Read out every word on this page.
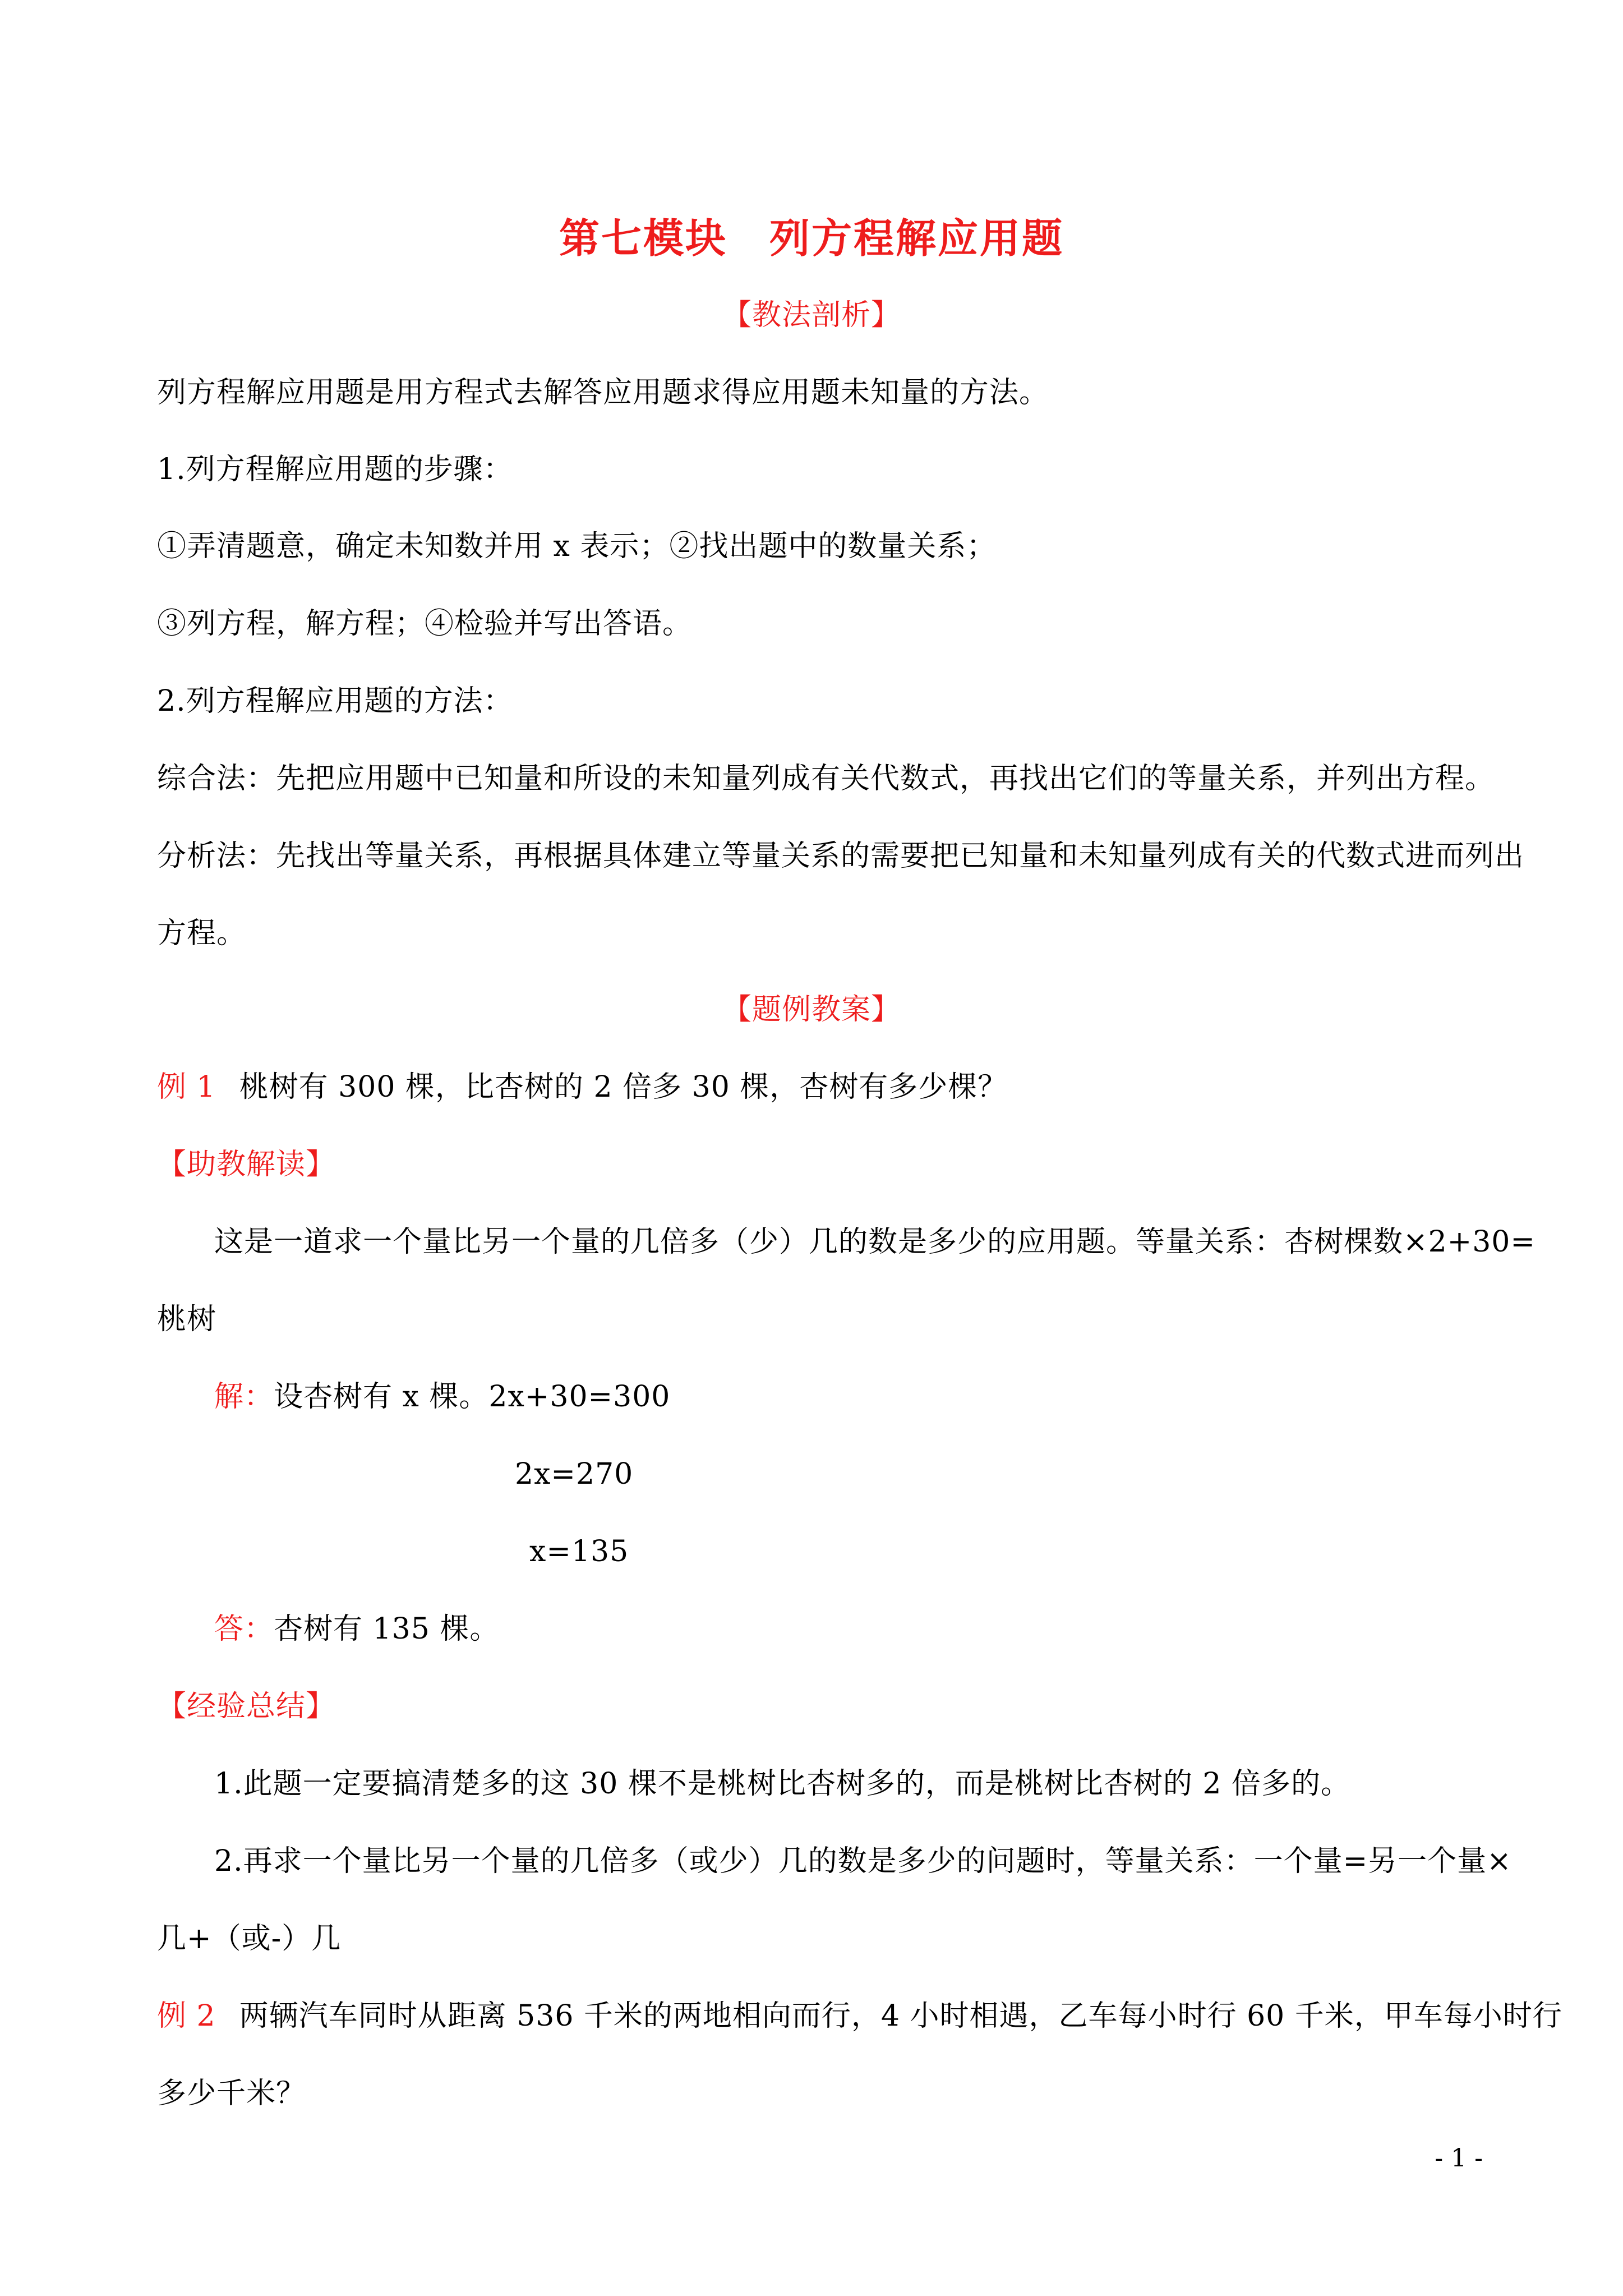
第七模块　列方程解应用题
【教法剖析】
列方程解应用题是用方程式去解答应用题求得应用题未知量的方法。
1.列方程解应用题的步骤：
①弄清题意，确定未知数并用 x 表示；②找出题中的数量关系；
③列方程，解方程；④检验并写出答语。
2.列方程解应用题的方法：
综合法：先把应用题中已知量和所设的未知量列成有关代数式，再找出它们的等量关系，并列出方程。
分析法：先找出等量关系，再根据具体建立等量关系的需要把已知量和未知量列成有关的代数式进而列出
方程。
【题例教案】
例 1 桃树有 300 棵，比杏树的 2 倍多 30 棵，杏树有多少棵？
【助教解读】
这是一道求一个量比另一个量的几倍多（少）几的数是多少的应用题。等量关系：杏树棵数×2+30=
桃树
解：设杏树有 x 棵。2x+30=300
2x=270
x=135
答：杏树有 135 棵。
【经验总结】
1.此题一定要搞清楚多的这 30 棵不是桃树比杏树多的，而是桃树比杏树的 2 倍多的。
2.再求一个量比另一个量的几倍多（或少）几的数是多少的问题时，等量关系：一个量=另一个量×
几+（或-）几
例 2 两辆汽车同时从距离 536 千米的两地相向而行，4 小时相遇，乙车每小时行 60 千米，甲车每小时行
多少千米？
- 1 -
